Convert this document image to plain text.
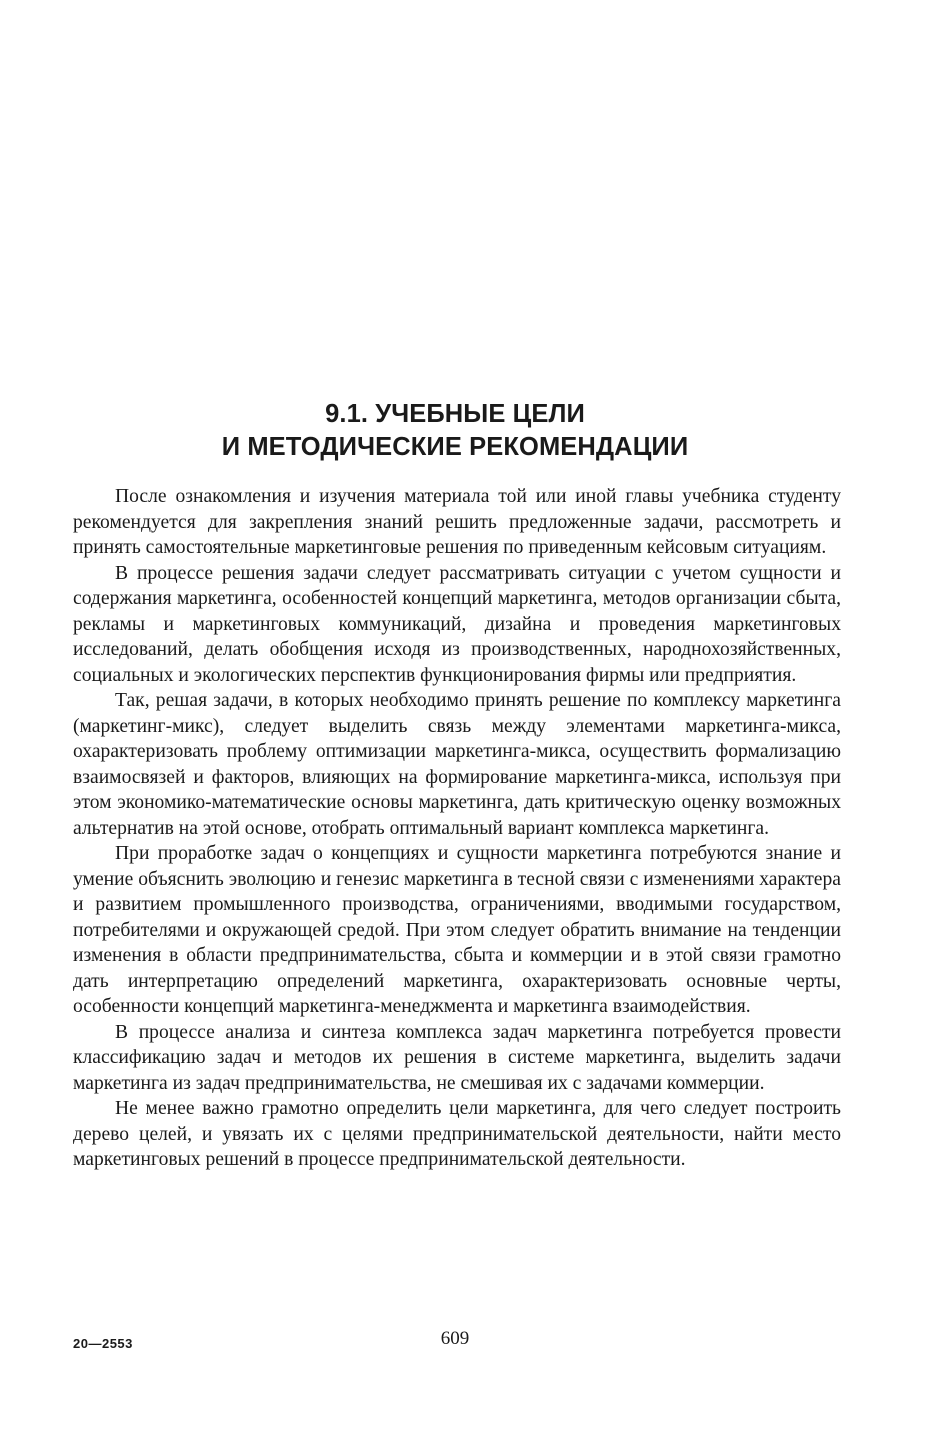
9.1. УЧЕБНЫЕ ЦЕЛИ
И МЕТОДИЧЕСКИЕ РЕКОМЕНДАЦИИ

После ознакомления и изучения материала той или иной главы учебника студенту рекомендуется для закрепления знаний решить предложенные задачи, рассмотреть и принять самостоятельные маркетинговые решения по приведенным кейсовым ситуациям.

В процессе решения задачи следует рассматривать ситуации с учетом сущности и содержания маркетинга, особенностей концепций маркетинга, методов организации сбыта, рекламы и маркетинговых коммуникаций, дизайна и проведения маркетинговых исследований, делать обобщения исходя из производственных, народнохозяйственных, социальных и экологических перспектив функционирования фирмы или предприятия.

Так, решая задачи, в которых необходимо принять решение по комплексу маркетинга (маркетинг-микс), следует выделить связь между элементами маркетинга-микса, охарактеризовать проблему оптимизации маркетинга-микса, осуществить формализацию взаимосвязей и факторов, влияющих на формирование маркетинга-микса, используя при этом экономико-математические основы маркетинга, дать критическую оценку возможных альтернатив на этой основе, отобрать оптимальный вариант комплекса маркетинга.

При проработке задач о концепциях и сущности маркетинга потребуются знание и умение объяснить эволюцию и генезис маркетинга в тесной связи с изменениями характера и развитием промышленного производства, ограничениями, вводимыми государством, потребителями и окружающей средой. При этом следует обратить внимание на тенденции изменения в области предпринимательства, сбыта и коммерции и в этой связи грамотно дать интерпретацию определений маркетинга, охарактеризовать основные черты, особенности концепций маркетинга-менеджмента и маркетинга взаимодействия.

В процессе анализа и синтеза комплекса задач маркетинга потребуется провести классификацию задач и методов их решения в системе маркетинга, выделить задачи маркетинга из задач предпринимательства, не смешивая их с задачами коммерции.

Не менее важно грамотно определить цели маркетинга, для чего следует построить дерево целей, и увязать их с целями предпринимательской деятельности, найти место маркетинговых решений в процессе предпринимательской деятельности.

20—2553	609
